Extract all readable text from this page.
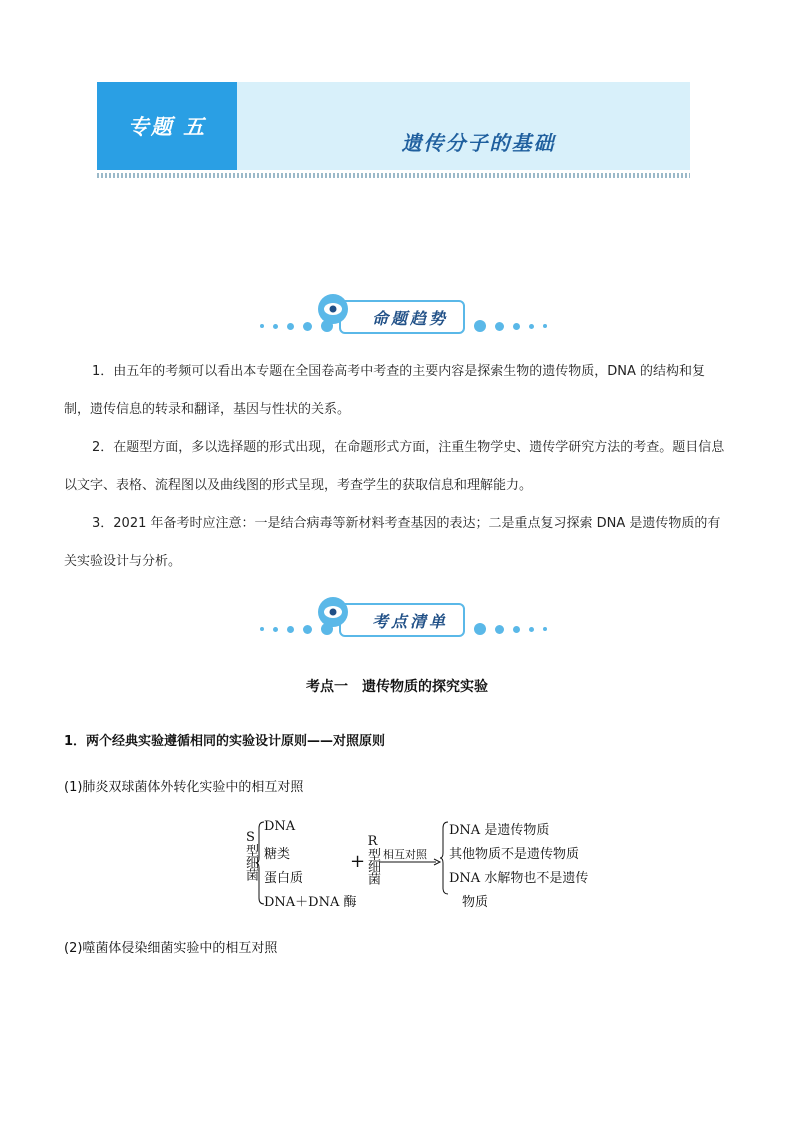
专题 五
遗传分子的基础
命题趋势
1．由五年的考频可以看出本专题在全国卷高考中考查的主要内容是探索生物的遗传物质，DNA 的结构和复制，遗传信息的转录和翻译，基因与性状的关系。
2．在题型方面，多以选择题的形式出现，在命题形式方面，注重生物学史、遗传学研究方法的考查。题目信息以文字、表格、流程图以及曲线图的形式呈现，考查学生的获取信息和理解能力。
3．2021 年备考时应注意：一是结合病毒等新材料考查基因的表达；二是重点复习探索 DNA 是遗传物质的有关实验设计与分析。
考点清单
考点一　遗传物质的探究实验
1．两个经典实验遵循相同的实验设计原则——对照原则
(1)肺炎双球菌体外转化实验中的相互对照
S型细菌
DNA
糖类
蛋白质
DNA＋DNA 酶
+ R型细菌 相互对照
DNA 是遗传物质
其他物质不是遗传物质
DNA 水解物也不是遗传
物质
(2)噬菌体侵染细菌实验中的相互对照
